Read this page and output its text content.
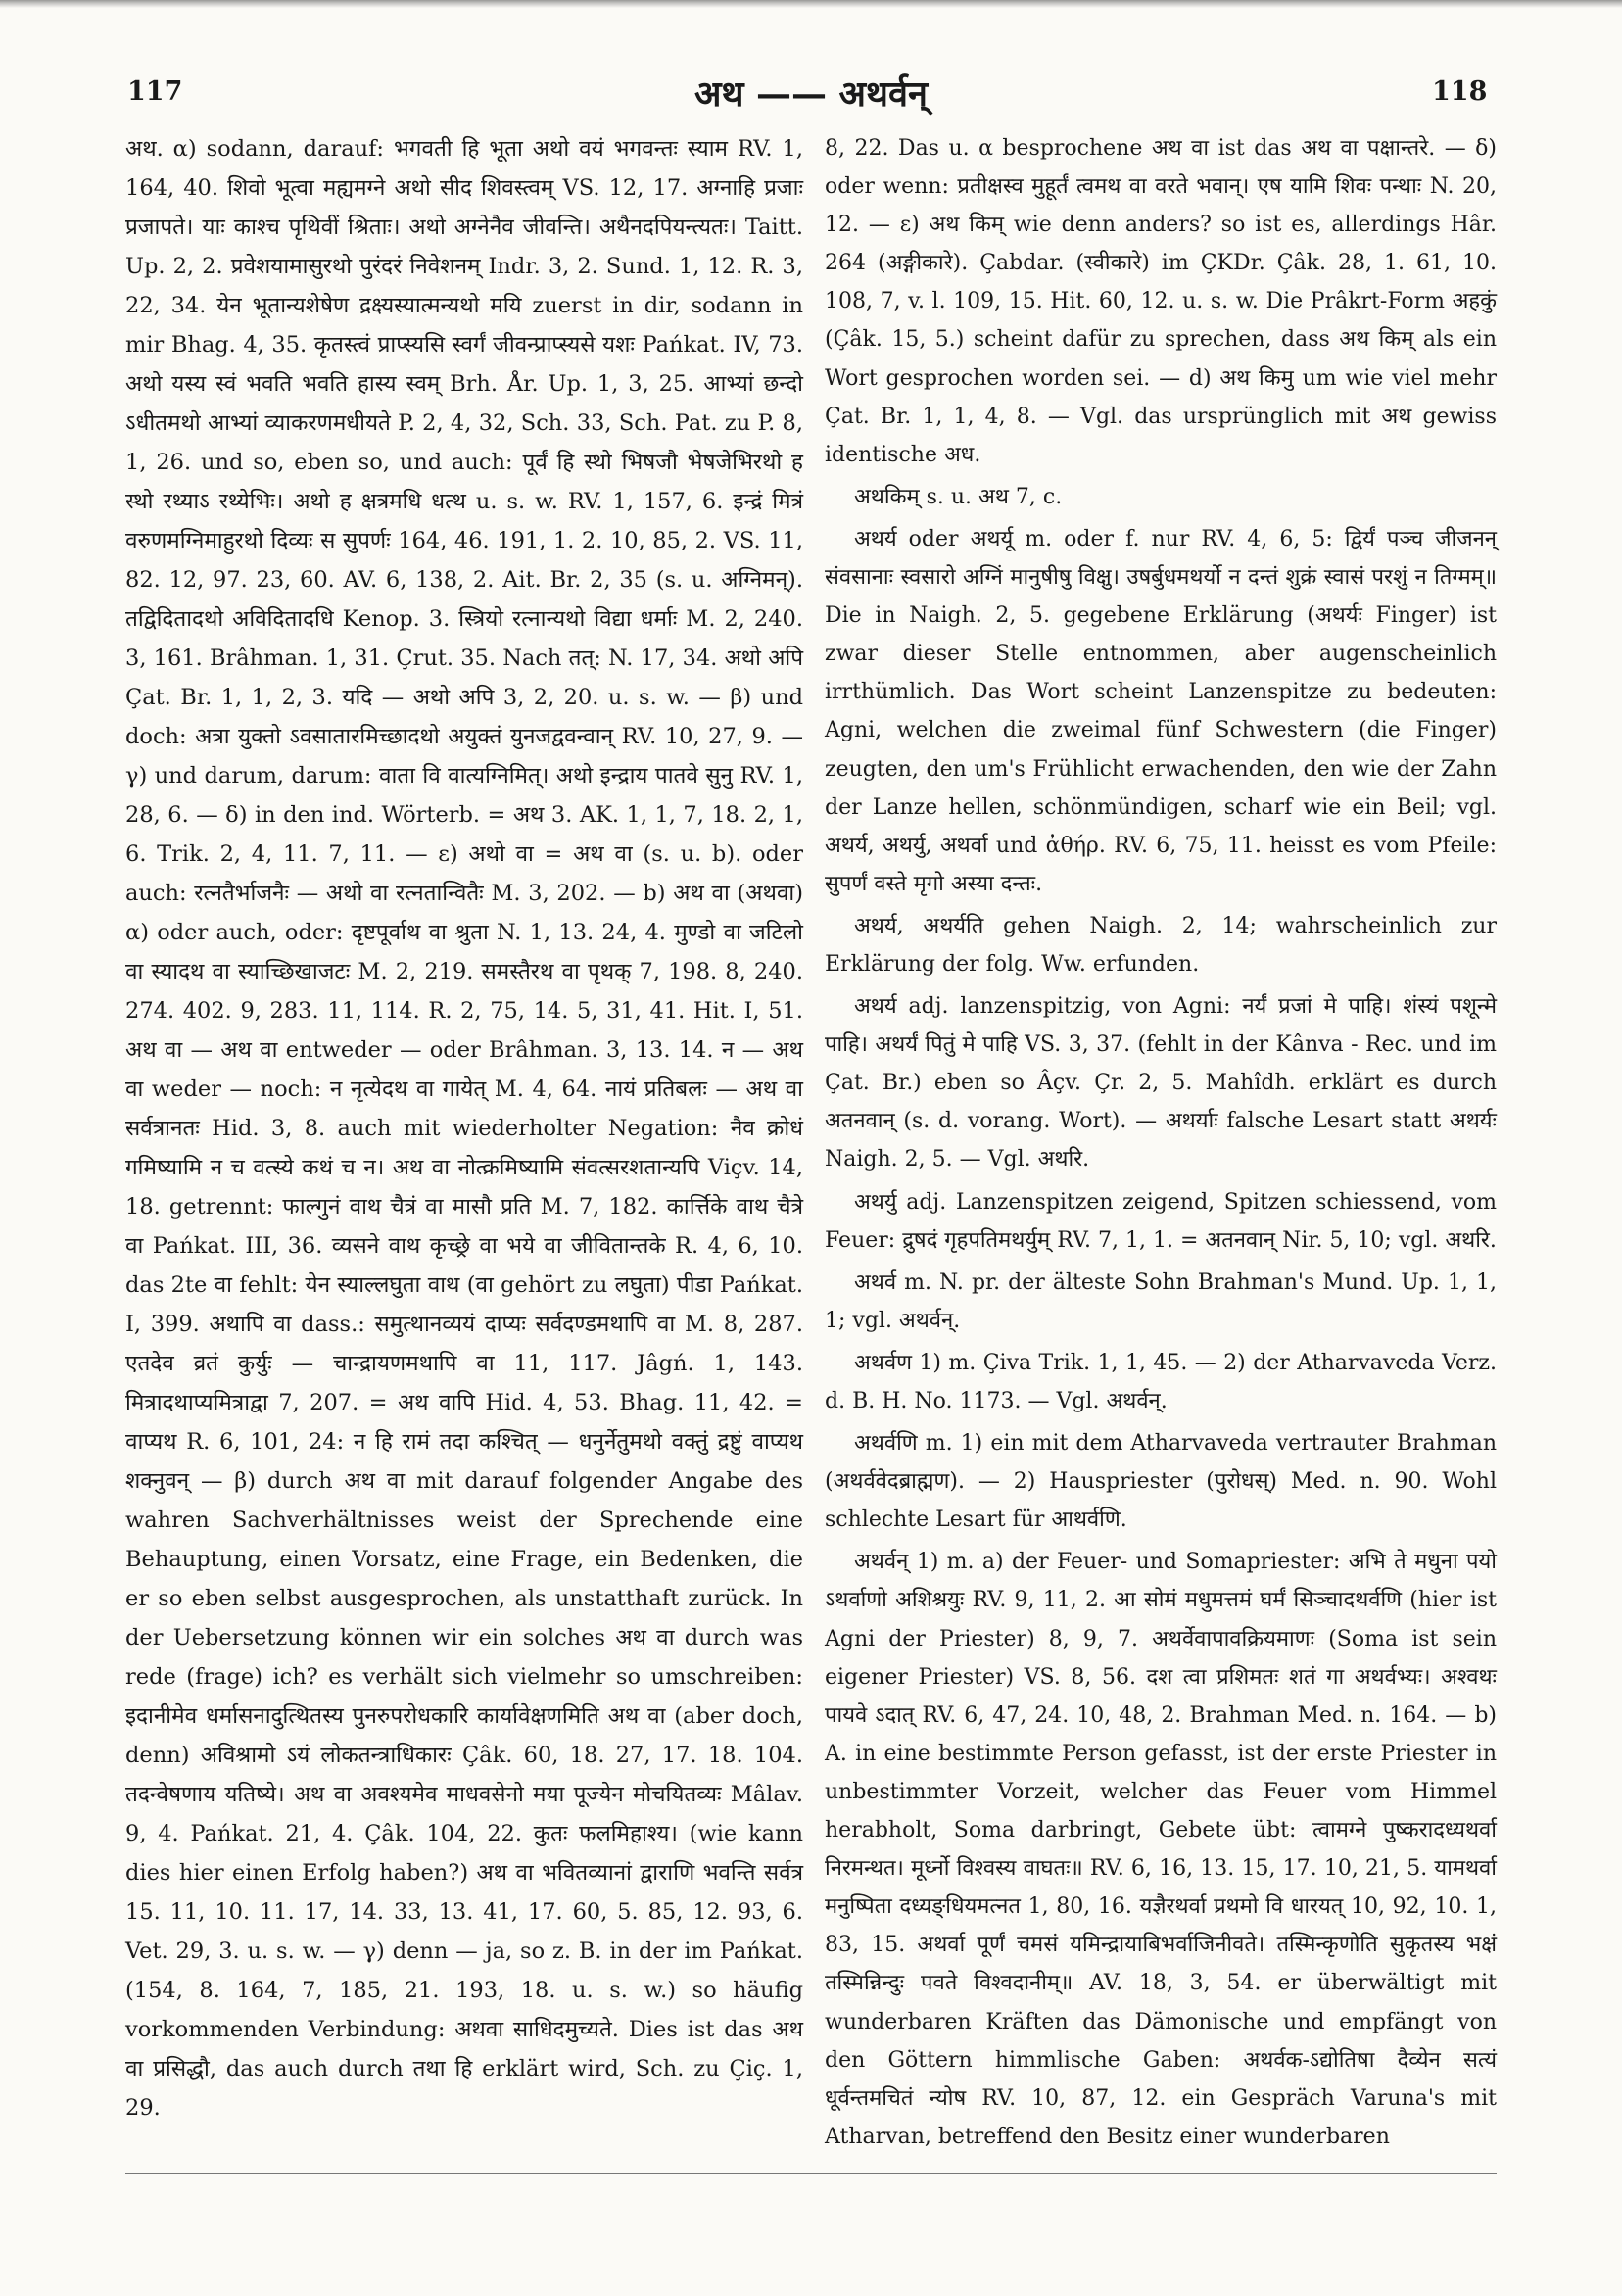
117	अथ —— अथर्वन्	118

अथ. α) sodann, darauf: भगवती हि भूता अथो वयं भगवन्तः स्याम RV. 1, 164, 40. शिवो भूत्वा मह्यमग्ने अथो सीद शिवस्त्वम् VS. 12, 17. अग्नाहि प्रजाः प्रजापते। याः काश्च पृथिवीं श्रिताः। अथो अग्नेनैव जीवन्ति। अथैनदपियन्त्यतः। Taitt. Up. 2, 2. प्रवेशयामासुरथो पुरंदरं निवेशनम् Indr. 3, 2. Sund. 1, 12. R. 3, 22, 34. येन भूतान्यशेषेण द्रक्ष्यस्यात्मन्यथो मयि zuerst in dir, sodann in mir Bhag. 4, 35. कृतस्त्वं प्राप्स्यसि स्वर्गं जीवन्प्राप्स्यसे यशः Pańkat. IV, 73. अथो यस्य स्वं भवति भवति हास्य स्वम् Brh. År. Up. 1, 3, 25. आभ्यां छन्दो ऽधीतमथो आभ्यां व्याकरणमधीयते P. 2, 4, 32, Sch. 33, Sch. Pat. zu P. 8, 1, 26. und so, eben so, und auch: पूर्वं हि स्थो भिषजौ भेषजेभिरथो ह स्थो रथ्याऽ रथ्येभिः। अथो ह क्षत्रमधि धत्थ u. s. w. RV. 1, 157, 6. इन्द्रं मित्रं वरुणमग्निमाहुरथो दिव्यः स सुपर्णः 164, 46. 191, 1. 2. 10, 85, 2. VS. 11, 82. 12, 97. 23, 60. AV. 6, 138, 2. Ait. Br. 2, 35 (s. u. अग्निमन्). तद्विदितादथो अविदितादधि Kenop. 3. स्त्रियो रत्नान्यथो विद्या धर्माः M. 2, 240. 3, 161. Brâhman. 1, 31. Çrut. 35. Nach तत्: N. 17, 34. अथो अपि Çat. Br. 1, 1, 2, 3. यदि — अथो अपि 3, 2, 20. u. s. w. — β) und doch: अत्रा युक्तो ऽवसातारमिच्छादथो अयुक्तं युनजद्ववन्वान् RV. 10, 27, 9. — γ) und darum, darum: वाता वि वात्यग्निमित्। अथो इन्द्राय पातवे सुनु RV. 1, 28, 6. — δ) in den ind. Wörterb. = अथ 3. AK. 1, 1, 7, 18. 2, 1, 6. Trik. 2, 4, 11. 7, 11. — ε) अथो वा = अथ वा (s. u. b). oder auch: रत्नतैर्भाजनैः — अथो वा रत्नतान्वितैः M. 3, 202. — b) अथ वा (अथवा) α) oder auch, oder: दृष्टपूर्वाथ वा श्रुता N. 1, 13. 24, 4. मुण्डो वा जटिलो वा स्यादथ वा स्याच्छिखाजटः M. 2, 219. समस्तैरथ वा पृथक् 7, 198. 8, 240. 274. 402. 9, 283. 11, 114. R. 2, 75, 14. 5, 31, 41. Hit. I, 51. अथ वा — अथ वा entweder — oder Brâhman. 3, 13. 14. न — अथ वा weder — noch: न नृत्येदथ वा गायेत् M. 4, 64. नायं प्रतिबलः — अथ वा सर्वत्रानतः Hid. 3, 8. auch mit wiederholter Negation: नैव क्रोधं गमिष्यामि न च वत्स्ये कथं च न। अथ वा नोत्क्रमिष्यामि संवत्सरशतान्यपि Viçv. 14, 18. getrennt: फाल्गुनं वाथ चैत्रं वा मासौ प्रति M. 7, 182. कार्त्तिके वाथ चैत्रे वा Pańkat. III, 36. व्यसने वाथ कृच्छ्रे वा भये वा जीवितान्तके R. 4, 6, 10. das 2te वा fehlt: येन स्याल्लघुता वाथ (वा gehört zu लघुता) पीडा Pańkat. I, 399. अथापि वा dass.: समुत्थानव्ययं दाप्यः सर्वदण्डमथापि वा M. 8, 287. एतदेव व्रतं कुर्युः — चान्द्रायणमथापि वा 11, 117. Jâgń. 1, 143. मित्रादथाप्यमित्राद्वा 7, 207. = अथ वापि Hid. 4, 53. Bhag. 11, 42. = वाप्यथ R. 6, 101, 24: न हि रामं तदा कश्चित् — धनुर्नेतुमथो वक्तुं द्रष्टुं वाप्यथ शक्नुवन् — β) durch अथ वा mit darauf folgender Angabe des wahren Sachverhältnisses weist der Sprechende eine Behauptung, einen Vorsatz, eine Frage, ein Bedenken, die er so eben selbst ausgesprochen, als unstatthaft zurück. In der Uebersetzung können wir ein solches अथ वा durch was rede (frage) ich? es verhält sich vielmehr so umschreiben: इदानीमेव धर्मासनादुत्थितस्य पुनरुपरोधकारि कार्यावेक्षणमिति अथ वा (aber doch, denn) अविश्रामो ऽयं लोकतन्त्राधिकारः Çâk. 60, 18. 27, 17. 18. 104. तदन्वेषणाय यतिष्ये। अथ वा अवश्यमेव माधवसेनो मया पूज्येन मोचयितव्यः Mâlav. 9, 4. Pańkat. 21, 4. Çâk. 104, 22. कुतः फलमिहाश्य। (wie kann dies hier einen Erfolg haben?) अथ वा भवितव्यानां द्वाराणि भवन्ति सर्वत्र 15. 11, 10. 11. 17, 14. 33, 13. 41, 17. 60, 5. 85, 12. 93, 6. Vet. 29, 3. u. s. w. — γ) denn — ja, so z. B. in der im Pańkat. (154, 8. 164, 7, 185, 21. 193, 18. u. s. w.) so häufig vorkommenden Verbindung: अथवा साधिदमुच्यते. Dies ist das अथ वा प्रसिद्धौ, das auch durch तथा हि erklärt wird, Sch. zu Çiç. 1, 29.

8, 22. Das u. α besprochene अथ वा ist das अथ वा पक्षान्तरे. — δ) oder wenn: प्रतीक्षस्व मुहूर्तं त्वमथ वा वरते भवान्। एष यामि शिवः पन्थाः N. 20, 12. — ε) अथ किम् wie denn anders? so ist es, allerdings Hâr. 264 (अङ्गीकारे). Çabdar. (स्वीकारे) im ÇKDr. Çâk. 28, 1. 61, 10. 108, 7, v. l. 109, 15. Hit. 60, 12. u. s. w. Die Prâkrt-Form अहकुं (Çâk. 15, 5.) scheint dafür zu sprechen, dass अथ किम् als ein Wort gesprochen worden sei. — d) अथ किमु um wie viel mehr Çat. Br. 1, 1, 4, 8. — Vgl. das ursprünglich mit अथ gewiss identische अध.

अथकिम् s. u. अथ 7, c.

अथर्य oder अथर्यू m. oder f. nur RV. 4, 6, 5: द्विर्यं पञ्च जीजनन् संवसानाः स्वसारो अग्निं मानुषीषु विक्षु। उषर्बुधमथर्यो न दन्तं शुक्रं स्वासं परशुं न तिग्मम्॥ Die in Naigh. 2, 5. gegebene Erklärung (अथर्यः Finger) ist zwar dieser Stelle entnommen, aber augenscheinlich irrthümlich. Das Wort scheint Lanzenspitze zu bedeuten: Agni, welchen die zweimal fünf Schwestern (die Finger) zeugten, den um's Frühlicht erwachenden, den wie der Zahn der Lanze hellen, schönmündigen, scharf wie ein Beil; vgl. अथर्य, अथर्यु, अथर्वा und ἀθήρ. RV. 6, 75, 11. heisst es vom Pfeile: सुपर्णं वस्ते मृगो अस्या दन्तः.

अथर्य, अथर्यति gehen Naigh. 2, 14; wahrscheinlich zur Erklärung der folg. Ww. erfunden.

अथर्य adj. lanzenspitzig, von Agni: नर्यं प्रजां मे पाहि। शंस्यं पशून्मे पाहि। अथर्यं पितुं मे पाहि VS. 3, 37. (fehlt in der Kânva - Rec. und im Çat. Br.) eben so Âçv. Çr. 2, 5. Mahîdh. erklärt es durch अतनवान् (s. d. vorang. Wort). — अथर्याः falsche Lesart statt अथर्यः Naigh. 2, 5. — Vgl. अथरि.

अथर्यु adj. Lanzenspitzen zeigend, Spitzen schiessend, vom Feuer: द्रुषदं गृहपतिमथर्युम् RV. 7, 1, 1. = अतनवान् Nir. 5, 10; vgl. अथरि.

अथर्व m. N. pr. der älteste Sohn Brahman's Mund. Up. 1, 1, 1; vgl. अथर्वन्.

अथर्वण 1) m. Çiva Trik. 1, 1, 45. — 2) der Atharvaveda Verz. d. B. H. No. 1173. — Vgl. अथर्वन्.

अथर्वणि m. 1) ein mit dem Atharvaveda vertrauter Brahman (अथर्ववेदब्राह्मण). — 2) Hauspriester (पुरोधस्) Med. n. 90. Wohl schlechte Lesart für आथर्वणि.

अथर्वन् 1) m. a) der Feuer- und Somapriester: अभि ते मधुना पयो ऽथर्वाणो अशिश्रयुः RV. 9, 11, 2. आ सोमं मधुमत्तमं घर्मं सिञ्चादथर्वणि (hier ist Agni der Priester) 8, 9, 7. अथर्वेवापावक्रियमाणः (Soma ist sein eigener Priester) VS. 8, 56. दश त्वा प्रशिमतः शतं गा अथर्वभ्यः। अश्वथः पायवे ऽदात् RV. 6, 47, 24. 10, 48, 2. Brahman Med. n. 164. — b) A. in eine bestimmte Person gefasst, ist der erste Priester in unbestimmter Vorzeit, welcher das Feuer vom Himmel herabholt, Soma darbringt, Gebete übt: त्वामग्ने पुष्करादध्यथर्वा निरमन्थत। मूर्ध्नो विश्वस्य वाघतः॥ RV. 6, 16, 13. 15, 17. 10, 21, 5. यामथर्वा मनुष्पिता दध्यङ्धियमत्नत 1, 80, 16. यज्ञैरथर्वा प्रथमो वि धारयत् 10, 92, 10. 1, 83, 15. अथर्वा पूर्णं चमसं यमिन्द्रायाबिभर्वाजिनीवते। तस्मिन्कृणोति सुकृतस्य भक्षं तस्मिन्निन्दुः पवते विश्वदानीम्॥ AV. 18, 3, 54. er überwältigt mit wunderbaren Kräften das Dämonische und empfängt von den Göttern himmlische Gaben: अथर्वक-ऽद्योतिषा दैव्येन सत्यं धूर्वन्तमचितं न्योष RV. 10, 87, 12. ein Gespräch Varuna's mit Atharvan, betreffend den Besitz einer wunderbaren
